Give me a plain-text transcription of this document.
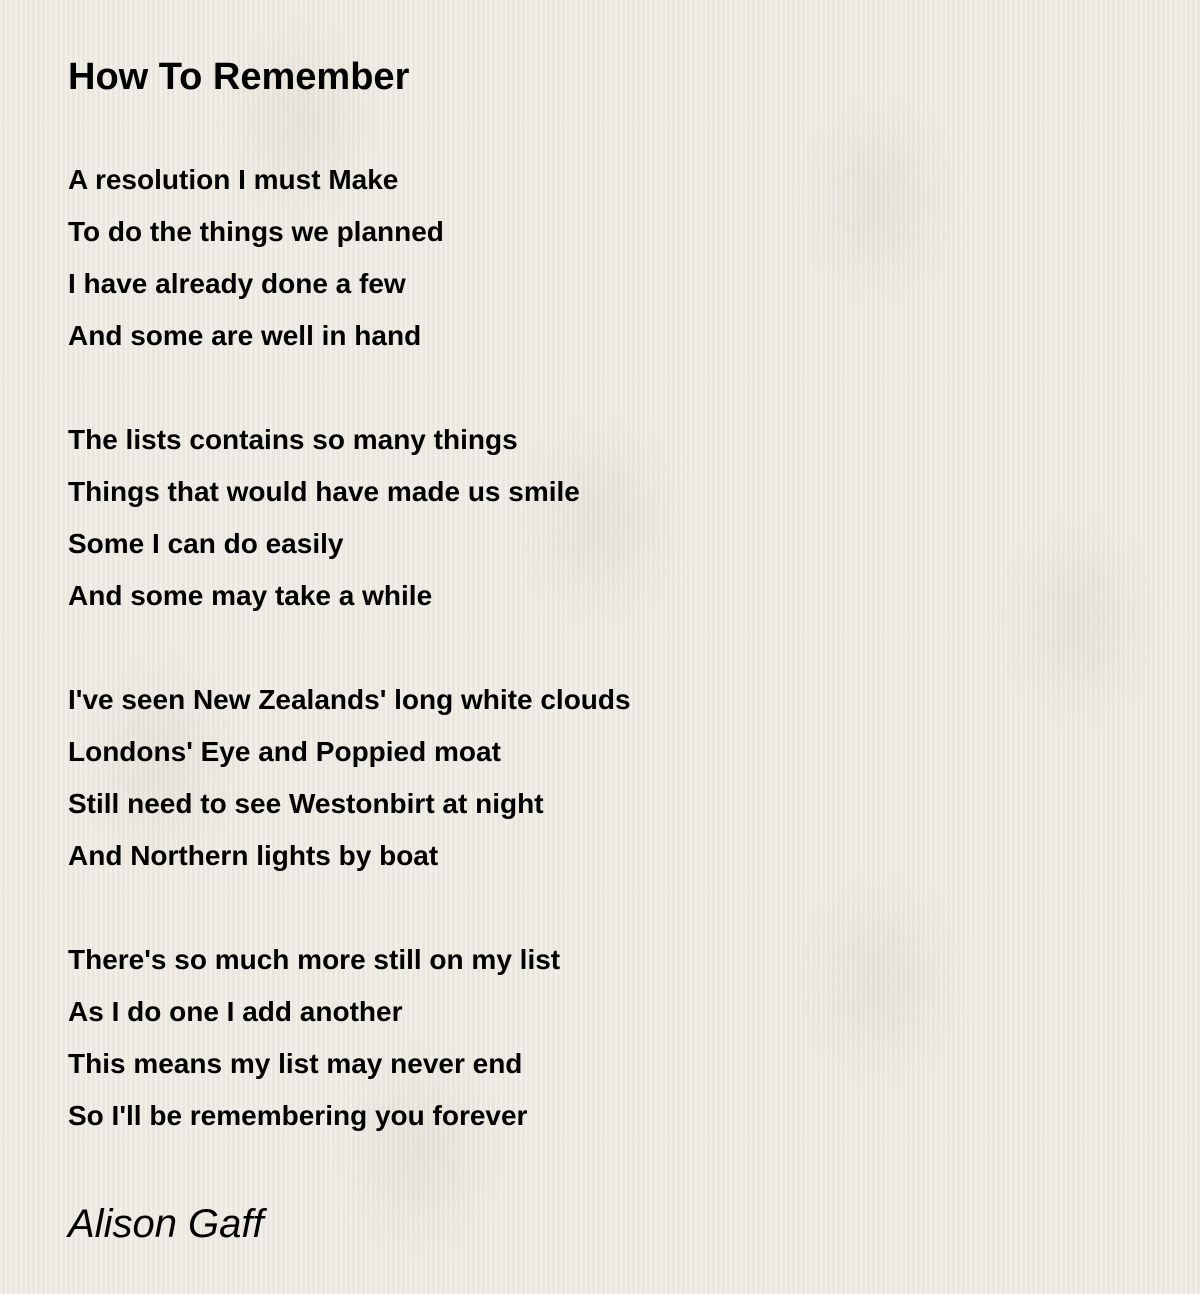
How To Remember
A resolution I must Make
To do the things we planned
I have already done a few
And some are well in hand
The lists contains so many things
Things that would have made us smile
Some I can do easily
And some may take a while
I've seen New Zealands' long white clouds
Londons' Eye and Poppied moat
Still need to see Westonbirt at night
And Northern lights by boat
There's so much more still on my list
As I do one I add another
This means my list may never end
So I'll be remembering you forever
Alison Gaff
